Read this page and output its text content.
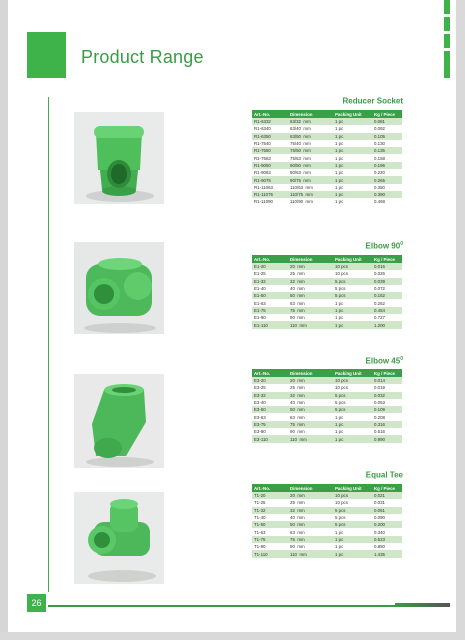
Product Range
Reducer Socket
Elbow $90^0$
Elbow $45^0$
Equal Tee
Art.-No.	Dimension	Packing Unit	Kg / Piece
R1-6332	63/32  mm	1 pc	0.081
R1-6340	63/40  mm	1 pc	0.092
R1-6350	63/50  mm	1 pc	0.105
R1-7540	75/40  mm	1 pc	0.130
R1-7550	75/50  mm	1 pc	0.135
R1-7563	75/63  mm	1 pc	0.158
R1-9050	90/50  mm	1 pc	0.196
R1-9063	90/63  mm	1 pc	0.220
R1-9075	90/75  mm	1 pc	0.265
R1-11063	110/63  mm	1 pc	0.350
R1-11075	110/75  mm	1 pc	0.390
R1-11090	110/90  mm	1 pc	0.468
Art.-No.	Dimension	Packing Unit	Kg / Piece
E1-20	20  mm	10 pcs	0.016
E1-25	25  mm	10 pcs	0.026
E1-32	32  mm	5 pcs	0.039
E1-40	40  mm	5 pcs	0.072
E1-50	50  mm	5 pcs	0.162
E1-63	63  mm	1 pc	0.262
E1-75	75  mm	1 pc	0.454
E1-90	90  mm	1 pc	0.727
E1-110	110  mm	1 pc	1.200
Art.-No.	Dimension	Packing Unit	Kg / Piece
E3-20	20  mm	10 pcs	0.014
E3-25	25  mm	10 pcs	0.019
E3-32	32  mm	5 pcs	0.032
E3-40	40  mm	5 pcs	0.053
E3-50	50  mm	5 pcs	0.109
E3-63	63  mm	1 pc	0.208
E3-75	75  mm	1 pc	0.316
E3-90	90  mm	1 pc	0.516
E3-110	110  mm	1 pc	0.990
Art.-No.	Dimension	Packing Unit	Kg / Piece
T1-20	20  mm	10 pcs	0.021
T1-25	25  mm	10 pcs	0.031
T1-32	32  mm	5 pcs	0.051
T1-40	40  mm	5 pcs	0.090
T1-50	50  mm	5 pcs	0.200
T1-63	63  mm	1 pc	0.340
T1-75	75  mm	1 pc	0.523
T1-90	90  mm	1 pc	0.850
T1-110	110  mm	1 pc	1.435
26
